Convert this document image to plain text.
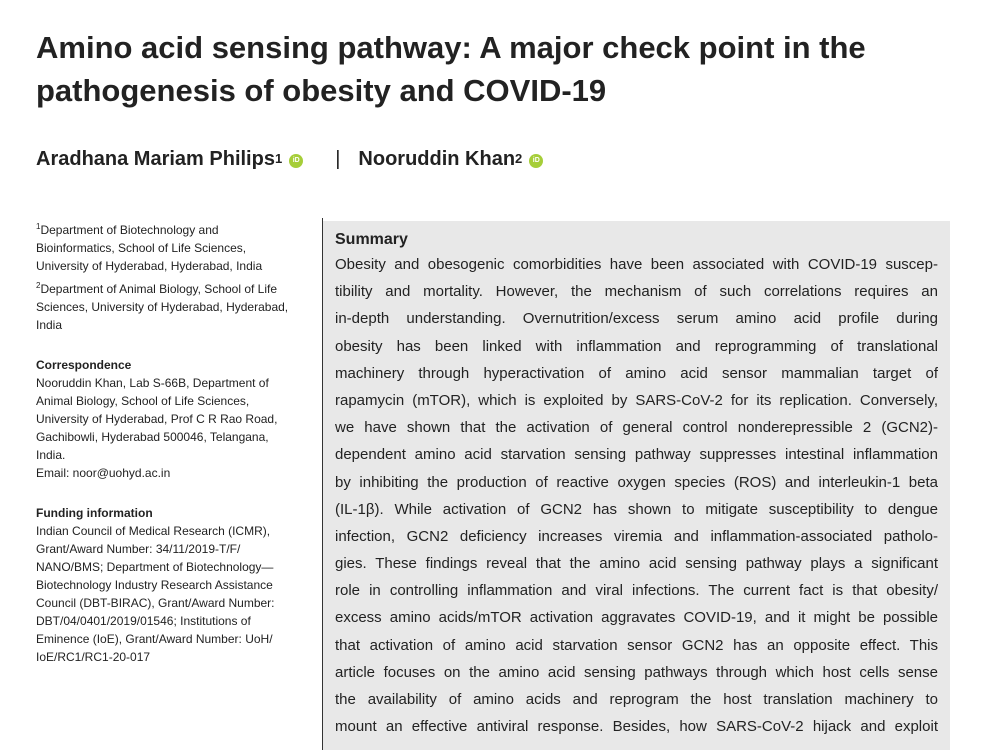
Amino acid sensing pathway: A major check point in the
pathogenesis of obesity and COVID-19
Aradhana Mariam Philips$^1$	iD | Nooruddin Khan$^2$	iD

$^1$Department of Biotechnology and
Bioinformatics, School of Life Sciences,
University of Hyderabad, Hyderabad, India

$^2$Department of Animal Biology, School of Life
Sciences, University of Hyderabad, Hyderabad,
India

Correspondence

Nooruddin Khan, Lab S-66B, Department of
Animal Biology, School of Life Sciences,
University of Hyderabad, Prof C R Rao Road,
Gachibowli, Hyderabad 500046, Telangana,
India.
Email: noor@uohyd.ac.in

Funding information

Indian Council of Medical Research (ICMR),
Grant/Award Number: 34/11/2019-T/F/
NANO/BMS; Department of Biotechnology—
Biotechnology Industry Research Assistance
Council (DBT-BIRAC), Grant/Award Number:
DBT/04/0401/2019/01546; Institutions of
Eminence (IoE), Grant/Award Number: UoH/
IoE/RC1/RC1-20-017

Summary
Obesity and obesogenic comorbidities have been associated with COVID-19 suscep-
tibility and mortality. However, the mechanism of such correlations requires an
in-depth understanding. Overnutrition/excess serum amino acid profile during
obesity has been linked with inflammation and reprogramming of translational
machinery through hyperactivation of amino acid sensor mammalian target of
rapamycin (mTOR), which is exploited by SARS-CoV-2 for its replication. Conversely,
we have shown that the activation of general control nonderepressible 2 (GCN2)-
dependent amino acid starvation sensing pathway suppresses intestinal inflammation
by inhibiting the production of reactive oxygen species (ROS) and interleukin-1 beta
(IL-1β). While activation of GCN2 has shown to mitigate susceptibility to dengue
infection, GCN2 deficiency increases viremia and inflammation-associated patholo-
gies. These findings reveal that the amino acid sensing pathway plays a significant
role in controlling inflammation and viral infections. The current fact is that obesity/
excess amino acids/mTOR activation aggravates COVID-19, and it might be possible
that activation of amino acid starvation sensor GCN2 has an opposite effect. This
article focuses on the amino acid sensing pathways through which host cells sense
the availability of amino acids and reprogram the host translation machinery to
mount an effective antiviral response. Besides, how SARS-CoV-2 hijack and exploit
